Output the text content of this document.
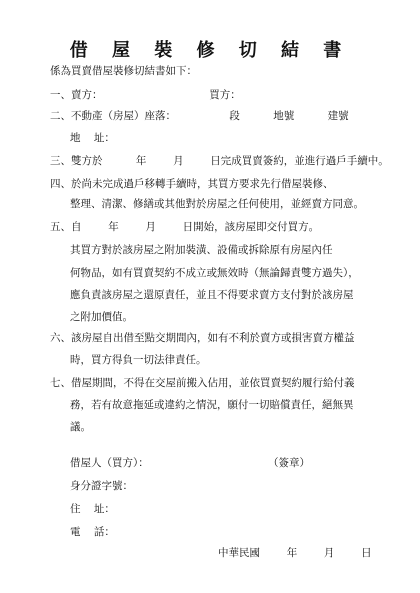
借 屋 裝 修 切 結 書
係為買賣借屋裝修切結書如下：
一、賣方：                                買方：
二、不動產（房屋）座落：                段          地號          建號
地    址：
三、雙方於          年        月        日完成買賣簽約，並進行過戶手續中。
四、於尚未完成過戶移轉手續時，其買方要求先行借屋裝修、
整理、清潔、修繕或其他對於房屋之任何使用，並經賣方同意。
五、自        年        月        日開始，該房屋即交付買方。
其買方對於該房屋之附加裝潢、設備或拆除原有房屋內任
何物品，如有買賣契約不成立或無效時（無論歸責雙方過失），
應負責該房屋之還原責任，並且不得要求賣方支付對於該房屋
之附加價值。
六、該房屋自出借至點交期間內，如有不利於賣方或損害賣方權益
時，買方得負一切法律責任。
七、借屋期間，不得在交屋前搬入佔用，並依買賣契約履行給付義
務，若有故意拖延或違約之情況，願付一切賠償責任，絕無異
議。
借屋人（買方）：	（簽章）
身分證字號：
住    址：
電    話：
中華民國        年        月        日
